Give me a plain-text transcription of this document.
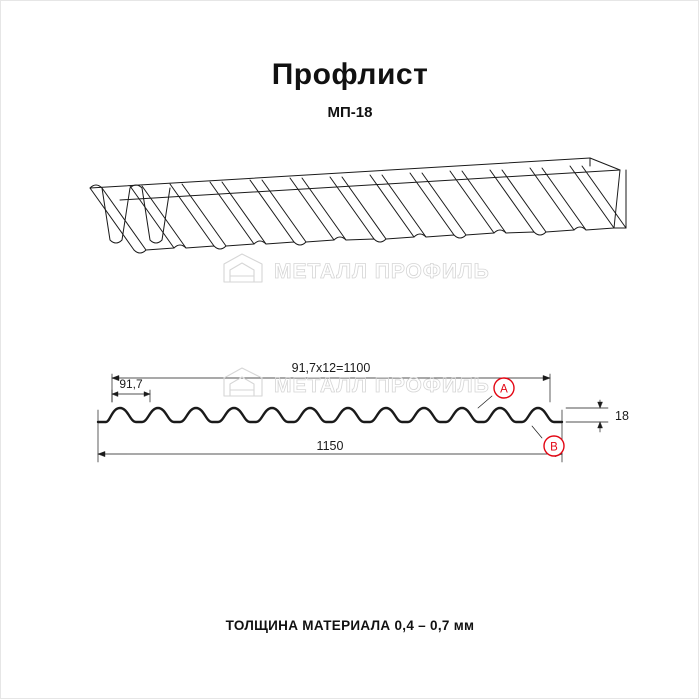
Профлист
МП-18
91,7х12=1100
91,7
1150
18
A
B
МЕТАЛЛ ПРОФИЛЬ
МЕТАЛЛ ПРОФИЛЬ
ТОЛЩИНА МАТЕРИАЛА 0,4 – 0,7 мм
